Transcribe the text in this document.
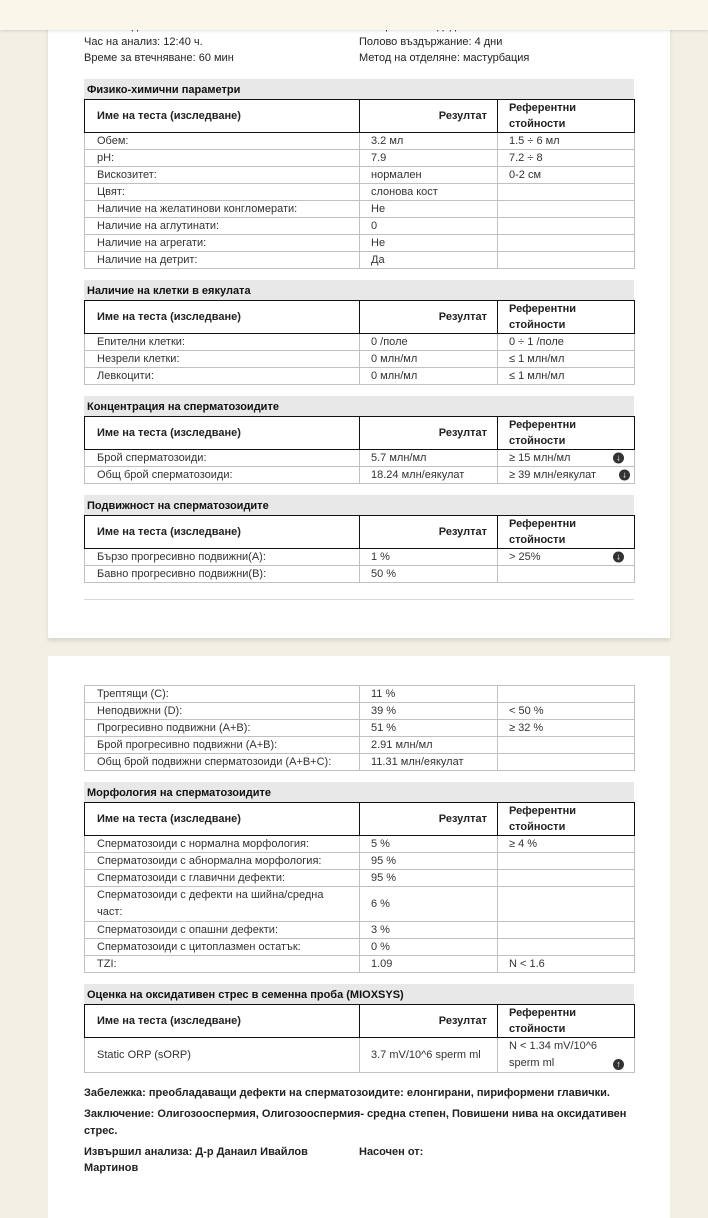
Час на анализ: 12:40 ч.	Полово въздържание: 4 дни
Време за втечняване: 60 мин	Метод на отделяне: мастурбация
Физико-химични параметри
Име на теста (изследване)	Резултат	Референтни стойности
Обем:	3.2 мл	1.5 ÷ 6 мл
pH:	7.9	7.2 ÷ 8
Вискозитет:	нормален	0-2 см
Цвят:	слонова кост	
Наличие на желатинови конгломерати:	Не	
Наличие на аглутинати:	0	
Наличие на агрегати:	Не	
Наличие на детрит:	Да	
Наличие на клетки в еякулата
Име на теста (изследване)	Резултат	Референтни стойности
Епителни клетки:	0 /поле	0 ÷ 1 /поле
Незрели клетки:	0 млн/мл	≤ 1 млн/мл
Левкоцити:	0 млн/мл	≤ 1 млн/мл
Концентрация на сперматозоидите
Име на теста (изследване)	Резултат	Референтни стойности
Брой сперматозоиди:	5.7 млн/мл	≥ 15 млн/мл ↓

Общ брой сперматозоиди:	18.24 млн/еякулат	≥ 39 млн/еякулат ↓
Подвижност на сперматозоидите
Име на теста (изследване)	Резултат	Референтни стойности
Бързо прогресивно подвижни(A):	1 %	> 25% ↓

Бавно прогресивно подвижни(B):	50 %	
Трептящи (C):	11 %	
Неподвижни (D):	39 %	< 50 %
Прогресивно подвижни (A+B):	51 %	≥ 32 %
Брой прогресивно подвижни (A+B):	2.91 млн/мл	
Общ брой подвижни сперматозоиди (A+B+C):	11.31 млн/еякулат	
Морфология на сперматозоидите
Име на теста (изследване)	Резултат	Референтни стойности
Сперматозоиди с нормална морфология:	5 %	≥ 4 %
Сперматозоиди с абнормална морфология:	95 %	
Сперматозоиди с главични дефекти:	95 %	
Сперматозоиди с дефекти на шийна/средна част:	6 %	
Сперматозоиди с опашни дефекти:	3 %	
Сперматозоиди с цитоплазмен остатък:	0 %	
TZI:	1.09	N < 1.6
Оценка на оксидативен стрес в семенна проба (MIOXSYS)
Име на теста (изследване)	Резултат	Референтни стойности
Static ORP (sORP)	3.7 mV/10^6 sperm ml	N < 1.34 mV/10^6 sperm ml ↑

Забележка: преобладаващи дефекти на сперматозоидите: елонгирани, пириформени главички.

Заключение: Олигозооспермия, Олигозооспермия- средна степен, Повишени нива на оксидативен стрес.

Извършил анализа: Д-р Данаил Ивайлов Мартинов
Насочен от:
